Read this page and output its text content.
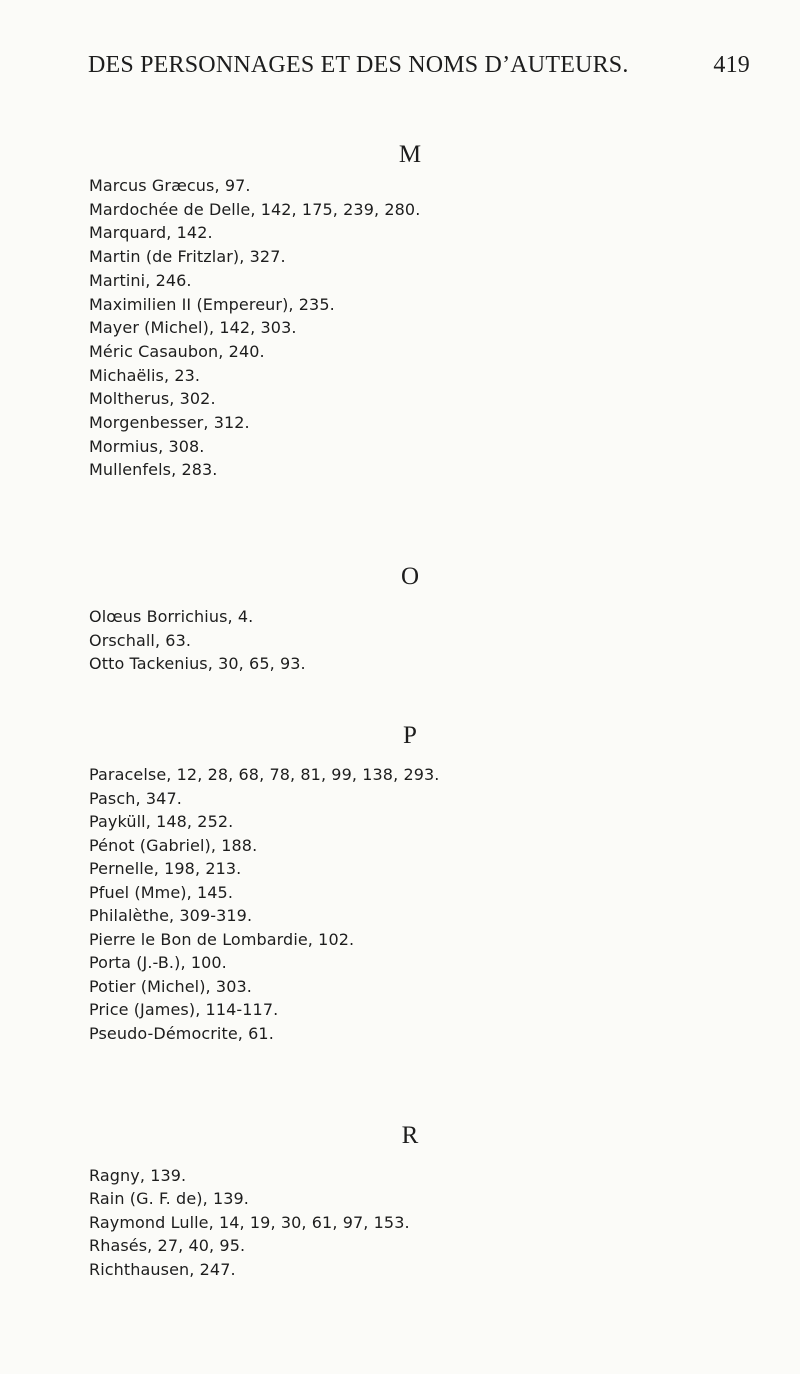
DES PERSONNAGES ET DES NOMS D’AUTEURS.	419
M
Marcus Græcus, 97.
Mardochée de Delle, 142, 175, 239, 280.
Marquard, 142.
Martin (de Fritzlar), 327.
Martini, 246.
Maximilien II (Empereur), 235.
Mayer (Michel), 142, 303.
Méric Casaubon, 240.
Michaëlis, 23.
Moltherus, 302.
Morgenbesser, 312.
Mormius, 308.
Mullenfels, 283.
O
Olœus Borrichius, 4.
Orschall, 63.
Otto Tackenius, 30, 65, 93.
P
Paracelse, 12, 28, 68, 78, 81, 99, 138, 293.
Pasch, 347.
Payküll, 148, 252.
Pénot (Gabriel), 188.
Pernelle, 198, 213.
Pfuel (Mme), 145.
Philalèthe, 309-319.
Pierre le Bon de Lombardie, 102.
Porta (J.-B.), 100.
Potier (Michel), 303.
Price (James), 114-117.
Pseudo-Démocrite, 61.
R
Ragny, 139.
Rain (G. F. de), 139.
Raymond Lulle, 14, 19, 30, 61, 97, 153.
Rhasés, 27, 40, 95.
Richthausen, 247.
